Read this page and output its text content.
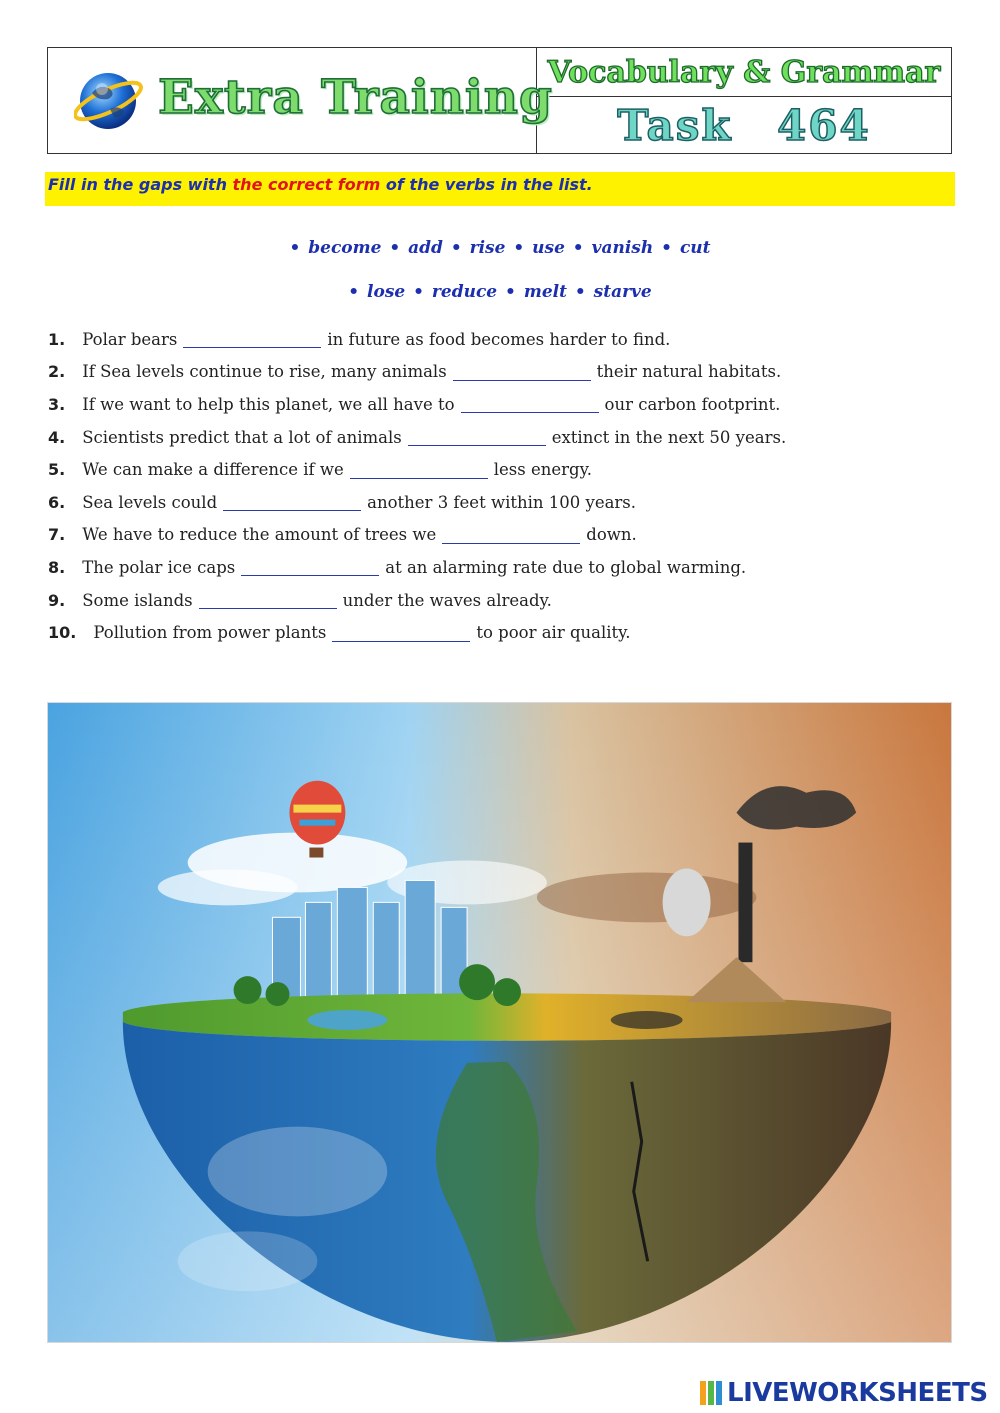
Extra Training
Vocabulary & Grammar
Task 464
Fill in the gaps with the correct form of the verbs in the list.
• become • add • rise • use • vanish • cut
• lose • reduce • melt • starve
1. Polar bears	in future as food becomes harder to find.
2. If Sea levels continue to rise, many animals	their natural habitats.
3. If we want to help this planet, we all have to	our carbon footprint.
4. Scientists predict that a lot of animals	extinct in the next 50 years.
5. We can make a difference if we	less energy.
6. Sea levels could	another 3 feet within 100 years.
7. We have to reduce the amount of trees we	down.
8. The polar ice caps	at an alarming rate due to global warming.
9. Some islands	under the waves already.
10. Pollution from power plants	to poor air quality.
LIVEWORKSHEETS
